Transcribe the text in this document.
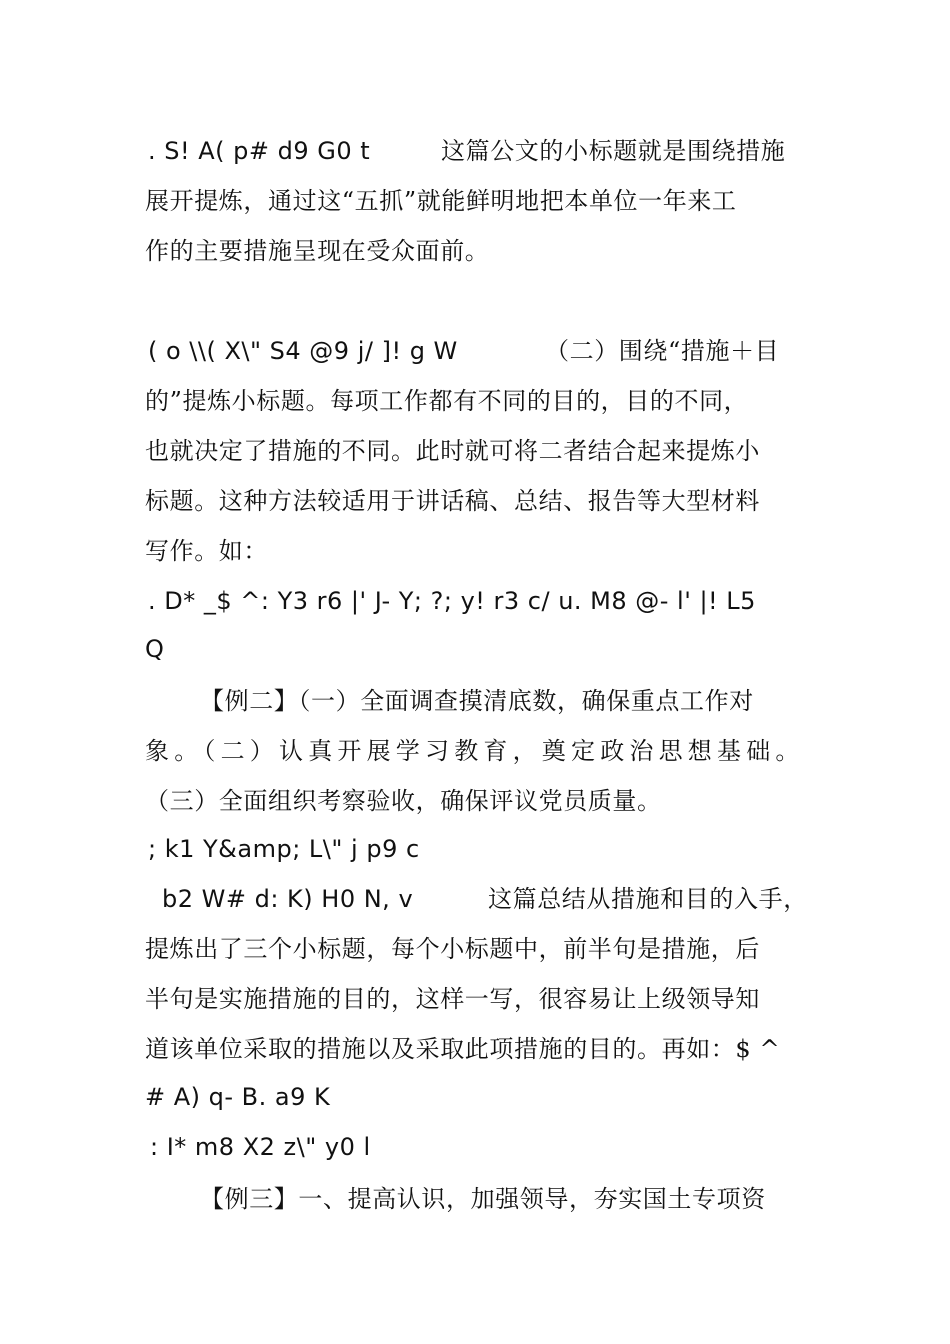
. S! A( p# d9 G0 t	这篇公文的小标题就是围绕措施
展开提炼，通过这“五抓”就能鲜明地把本单位一年来工
作的主要措施呈现在受众面前。
( o \\( X\" S4 @9 j/ ]! g W	（二）围绕“措施＋目
的”提炼小标题。每项工作都有不同的目的，目的不同，
也就决定了措施的不同。此时就可将二者结合起来提炼小
标题。这种方法较适用于讲话稿、总结、报告等大型材料
写作。如：
. D* _$ ^: Y3 r6 |' J- Y; ?; y! r3 c/ u. M8 @- l' |! L5
Q
【例二】（一）全面调查摸清底数，确保重点工作对
象。（二）认真开展学习教育，奠定政治思想基础。
（三）全面组织考察验收，确保评议党员质量。
; k1 Y&amp; L\" j p9 c
b2 W# d: K) H0 N, v	这篇总结从措施和目的入手，
提炼出了三个小标题，每个小标题中，前半句是措施，后
半句是实施措施的目的，这样一写，很容易让上级领导知
道该单位采取的措施以及采取此项措施的目的。再如：$ ^
# A) q- B. a9 K
: I* m8 X2 z\" y0 l
【例三】一、提高认识，加强领导，夯实国土专项资
